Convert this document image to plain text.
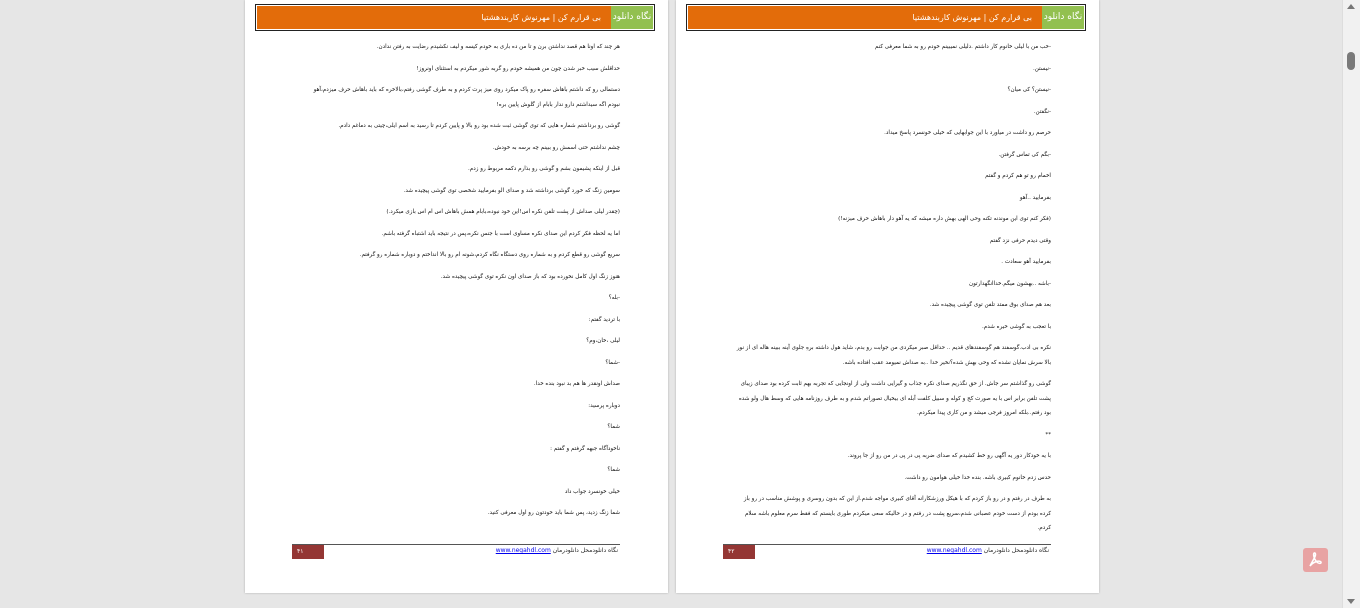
نگاه دانلود
بی قرارم کن | مهرنوش کاربندهشتیا
هر چند که اونا هم قصد نداشتن برن و تا من ده باری به خودم کیسه و لیف نکشیدم رضایت به رفتن ندادن.
حداقلش سیب خبر شدن چون من همیشه خودم رو گربه شور میکردم به استثنای اونروز!
دستمالی رو که داشتم باهاش سفره رو پاک میکرد روی میز پرت کردم و به طرف گوشی رفتم،بالاخره که باید باهاش حرف میزدم،آهو نبودم اگه سیداشتم دارو ندار بابام از گلوش پایین بره!
گوشی رو برداشتم شماره هایی که توی گوشی ثبت شده بود رو بالا و پایین کردم تا رسید به اسم ایلی،چیتی به دماغم دادم.
چشم نداشتم حتی اسمش رو ببینم چه برسه به خودش.
قبل از اینکه پشیمون بشم و گوشی رو بذارم دکمه مربوط رو زدم.
سومین زنگ که خورد گوشی برداشته شد و صدای الو بفرمایید شخصی توی گوشی پیچیده شد.
(چقدر لیلی صداش از پشت تلفن نکره اس!این خود نبوده،بابام همش باهاش اس ام اس بازی میکرد.)
اما یه لحظه فکر کردم این صدای نکره مساوی است با جنس نکره،پس در نتیجه باید اشتباه گرفته باشم.
سریع گوشی رو قطع کردم و به شماره روی دستگاه نگاه کردم،شونه ام رو بالا انداختم و دوباره شماره رو گرفتم.
هنوز زنگ اول کامل نخورده بود که باز صدای اون نکره توی گوشی پیچیده شد.
-بله؟
با تردید گفتم:
لیلی ،خان،وم؟
-شما؟
صداش اونقدر ها هم بد نبود بنده خدا.
دوباره پرسید:
شما؟
ناخودآگاه جبهه گرفتم و گفتم :
شما؟
خیلی خونسرد جواب داد
شما زنگ زدید، پس شما باید خودتون رو اول معرفی کنید.
۴۱	نگاه دانلودمحل دانلودرمان www.negahdl.com
نگاه دانلود
بی قرارم کن | مهرنوش کاربندهشتیا
-خب من با لیلی خانوم کار داشتم .دلیلی نمیبینم خودم رو به شما معرفی کنم
-نیستن.
-نیستن؟ کی میان؟
-نگفتن.
حرصم رو داشت در میاورد با این جوابهایی که خیلی خونسرد پاسخ میداد.
-بگم کی تماس گرفتن.
اخمام رو تو هم کردم و گفتم
بفرمایید ..آهو
(فکر کنم توی این موندنه تکنه وحی الهی بهش داره میشه که یه آهو دار باهاش حرف میزنه!)
وقتی دیدم حرفی نزد گفتم
بفرمایید آهو سعادت .
-باشه ..بهشون میگم.خداانگهدارتون
بعد هم صدای بوق ممتد تلفن توی گوشی پیچیده شد.
با تعجب به گوشی خیره شدم.
نکره بی ادب.گوسفند هم گوسفندهای قدیم .. حداقل صبر میکردی من جوابت رو بدم، شاید هول داشته برهِ جلوی آینه ببینه هاله ای از نور بالا سرش نمایان نشده که وحی بهش شده؟نخیر خدا ..به صداش نمیومد عقب افتاده باشه.
گوشی رو گذاشتم سر جاش. از حق نگذریم صدای نکره جذاب و گیرایی داشت ولی از اونجایی که تجربه بهم ثابت کرده بود صدای زیبای پشت تلفن برابر اس با یه صورت کج و کوله و سبیل کلفت آبله ای بیخیال تصوراتم شدم و به طرف روزنامه هایی که وسط هال ولو شده بود رفتم..بلکه امروز فرجی میشد و من کاری پیدا میکردم.
**
با یه خودکار دور یه آگهی رو خط کشیدم که صدای ضربه پی در پی در من رو از جا پروند.
حدس زدم خانوم کبیری باشه. بنده خدا خیلی هوامون رو داشت.
به طرف در رفتم و در رو باز کردم که با هیکل ورزشکارانه آقای کبیری مواجه شدم.از این که بدون روسری و پوشش مناسب در رو باز کرده بودم از دست خودم عصبانی شدم،سریع پشت در رفتم و در حالیکه سعی میکردم طوری بایستم که فقط سرم معلوم باشه سلام کردم.
۴۲	نگاه دانلودمحل دانلودرمان www.negahdl.com
